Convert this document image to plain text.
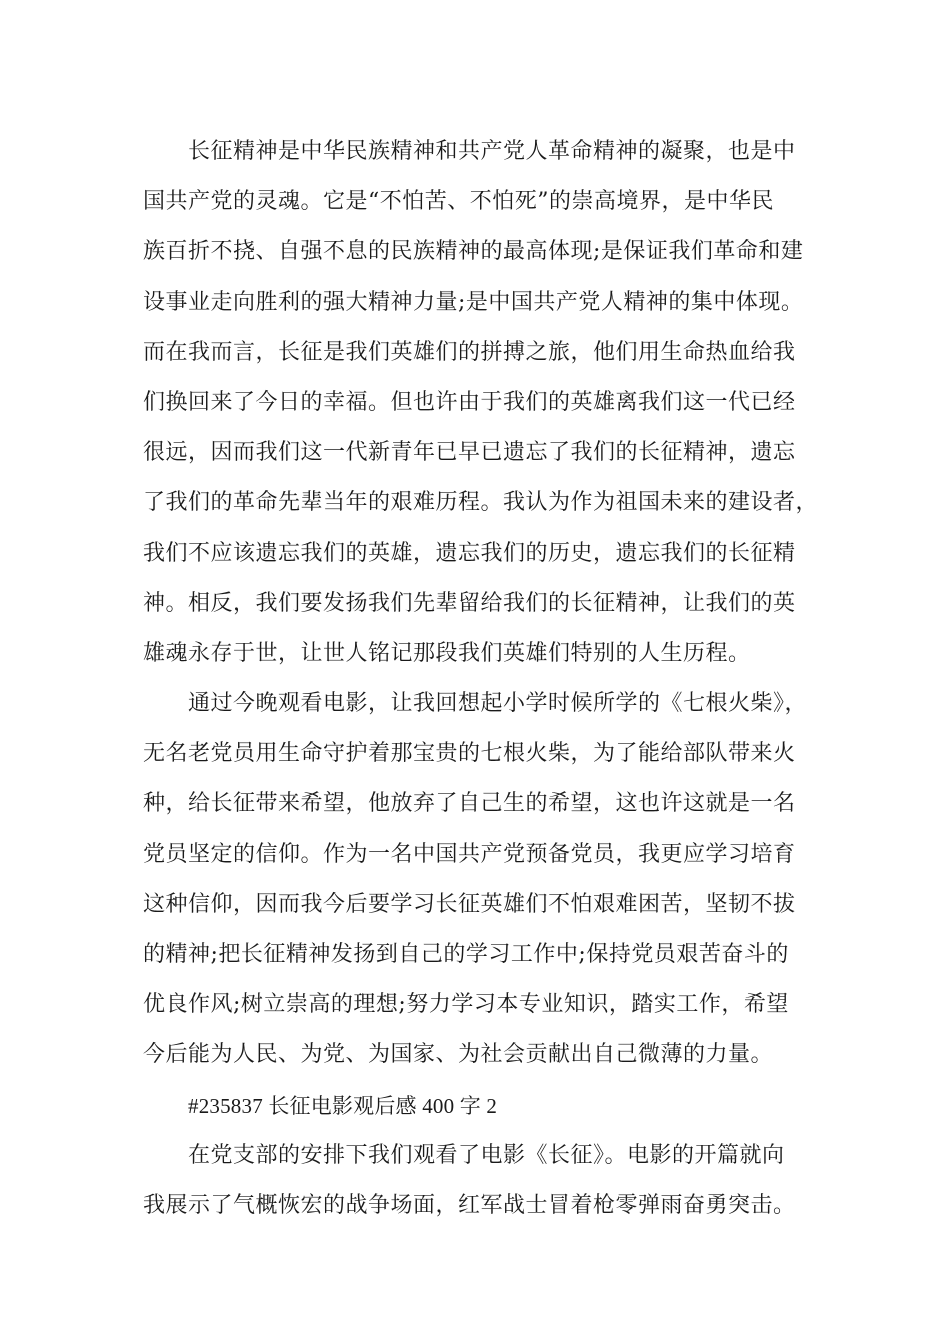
长征精神是中华民族精神和共产党人革命精神的凝聚，也是中
国共产党的灵魂。它是“不怕苦、不怕死”的崇高境界，是中华民
族百折不挠、自强不息的民族精神的最高体现;是保证我们革命和建
设事业走向胜利的强大精神力量;是中国共产党人精神的集中体现。
而在我而言，长征是我们英雄们的拼搏之旅，他们用生命热血给我
们换回来了今日的幸福。但也许由于我们的英雄离我们这一代已经
很远，因而我们这一代新青年已早已遗忘了我们的长征精神，遗忘
了我们的革命先辈当年的艰难历程。我认为作为祖国未来的建设者，
我们不应该遗忘我们的英雄，遗忘我们的历史，遗忘我们的长征精
神。相反，我们要发扬我们先辈留给我们的长征精神，让我们的英
雄魂永存于世，让世人铭记那段我们英雄们特别的人生历程。
通过今晚观看电影，让我回想起小学时候所学的《七根火柴》，
无名老党员用生命守护着那宝贵的七根火柴，为了能给部队带来火
种，给长征带来希望，他放弃了自己生的希望，这也许这就是一名
党员坚定的信仰。作为一名中国共产党预备党员，我更应学习培育
这种信仰，因而我今后要学习长征英雄们不怕艰难困苦，坚韧不拔
的精神;把长征精神发扬到自己的学习工作中;保持党员艰苦奋斗的
优良作风;树立崇高的理想;努力学习本专业知识，踏实工作，希望
今后能为人民、为党、为国家、为社会贡献出自己微薄的力量。
#235837 长征电影观后感 400 字 2
在党支部的安排下我们观看了电影《长征》。电影的开篇就向
我展示了气概恢宏的战争场面，红军战士冒着枪零弹雨奋勇突击。
